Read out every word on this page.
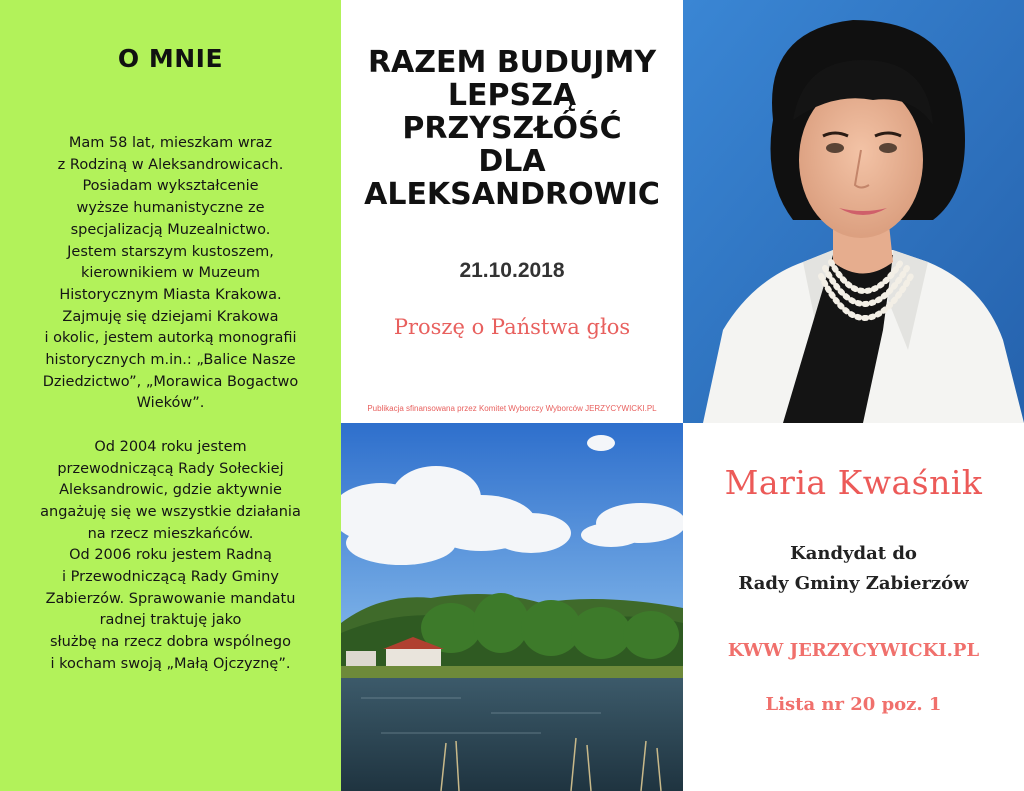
O MNIE
Mam 58 lat, mieszkam wraz
z Rodziną w Aleksandrowicach.
Posiadam wykształcenie
wyższe humanistyczne ze
specjalizacją Muzealnictwo.
Jestem starszym kustoszem,
kierownikiem w Muzeum
Historycznym Miasta Krakowa.
Zajmuję się dziejami Krakowa
i okolic, jestem autorką monografii
historycznych m.in.: „Balice Nasze
Dziedzictwo”, „Morawica Bogactwo
Wieków”.
Od 2004 roku jestem
przewodniczącą Rady Sołeckiej
Aleksandrowic, gdzie aktywnie
angażuję się we wszystkie działania
na rzecz mieszkańców.
Od 2006 roku jestem Radną
i Przewodniczącą Rady Gminy
Zabierzów. Sprawowanie mandatu
radnej traktuję jako
służbę na rzecz dobra wspólnego
i kocham swoją „Małą Ojczyznę”.
RAZEM BUDUJMY
LEPSZĄ
PRZYSZŁÓŚĆ
DLA
ALEKSANDROWIC
21.10.2018
Proszę o Państwa głos
Publikacja sfinansowana przez Komitet Wyborczy Wyborców JERZYCYWICKI.PL
Maria Kwaśnik
Kandydat do
Rady Gminy Zabierzów
KWW JERZYCYWICKI.PL
Lista nr 20 poz. 1
